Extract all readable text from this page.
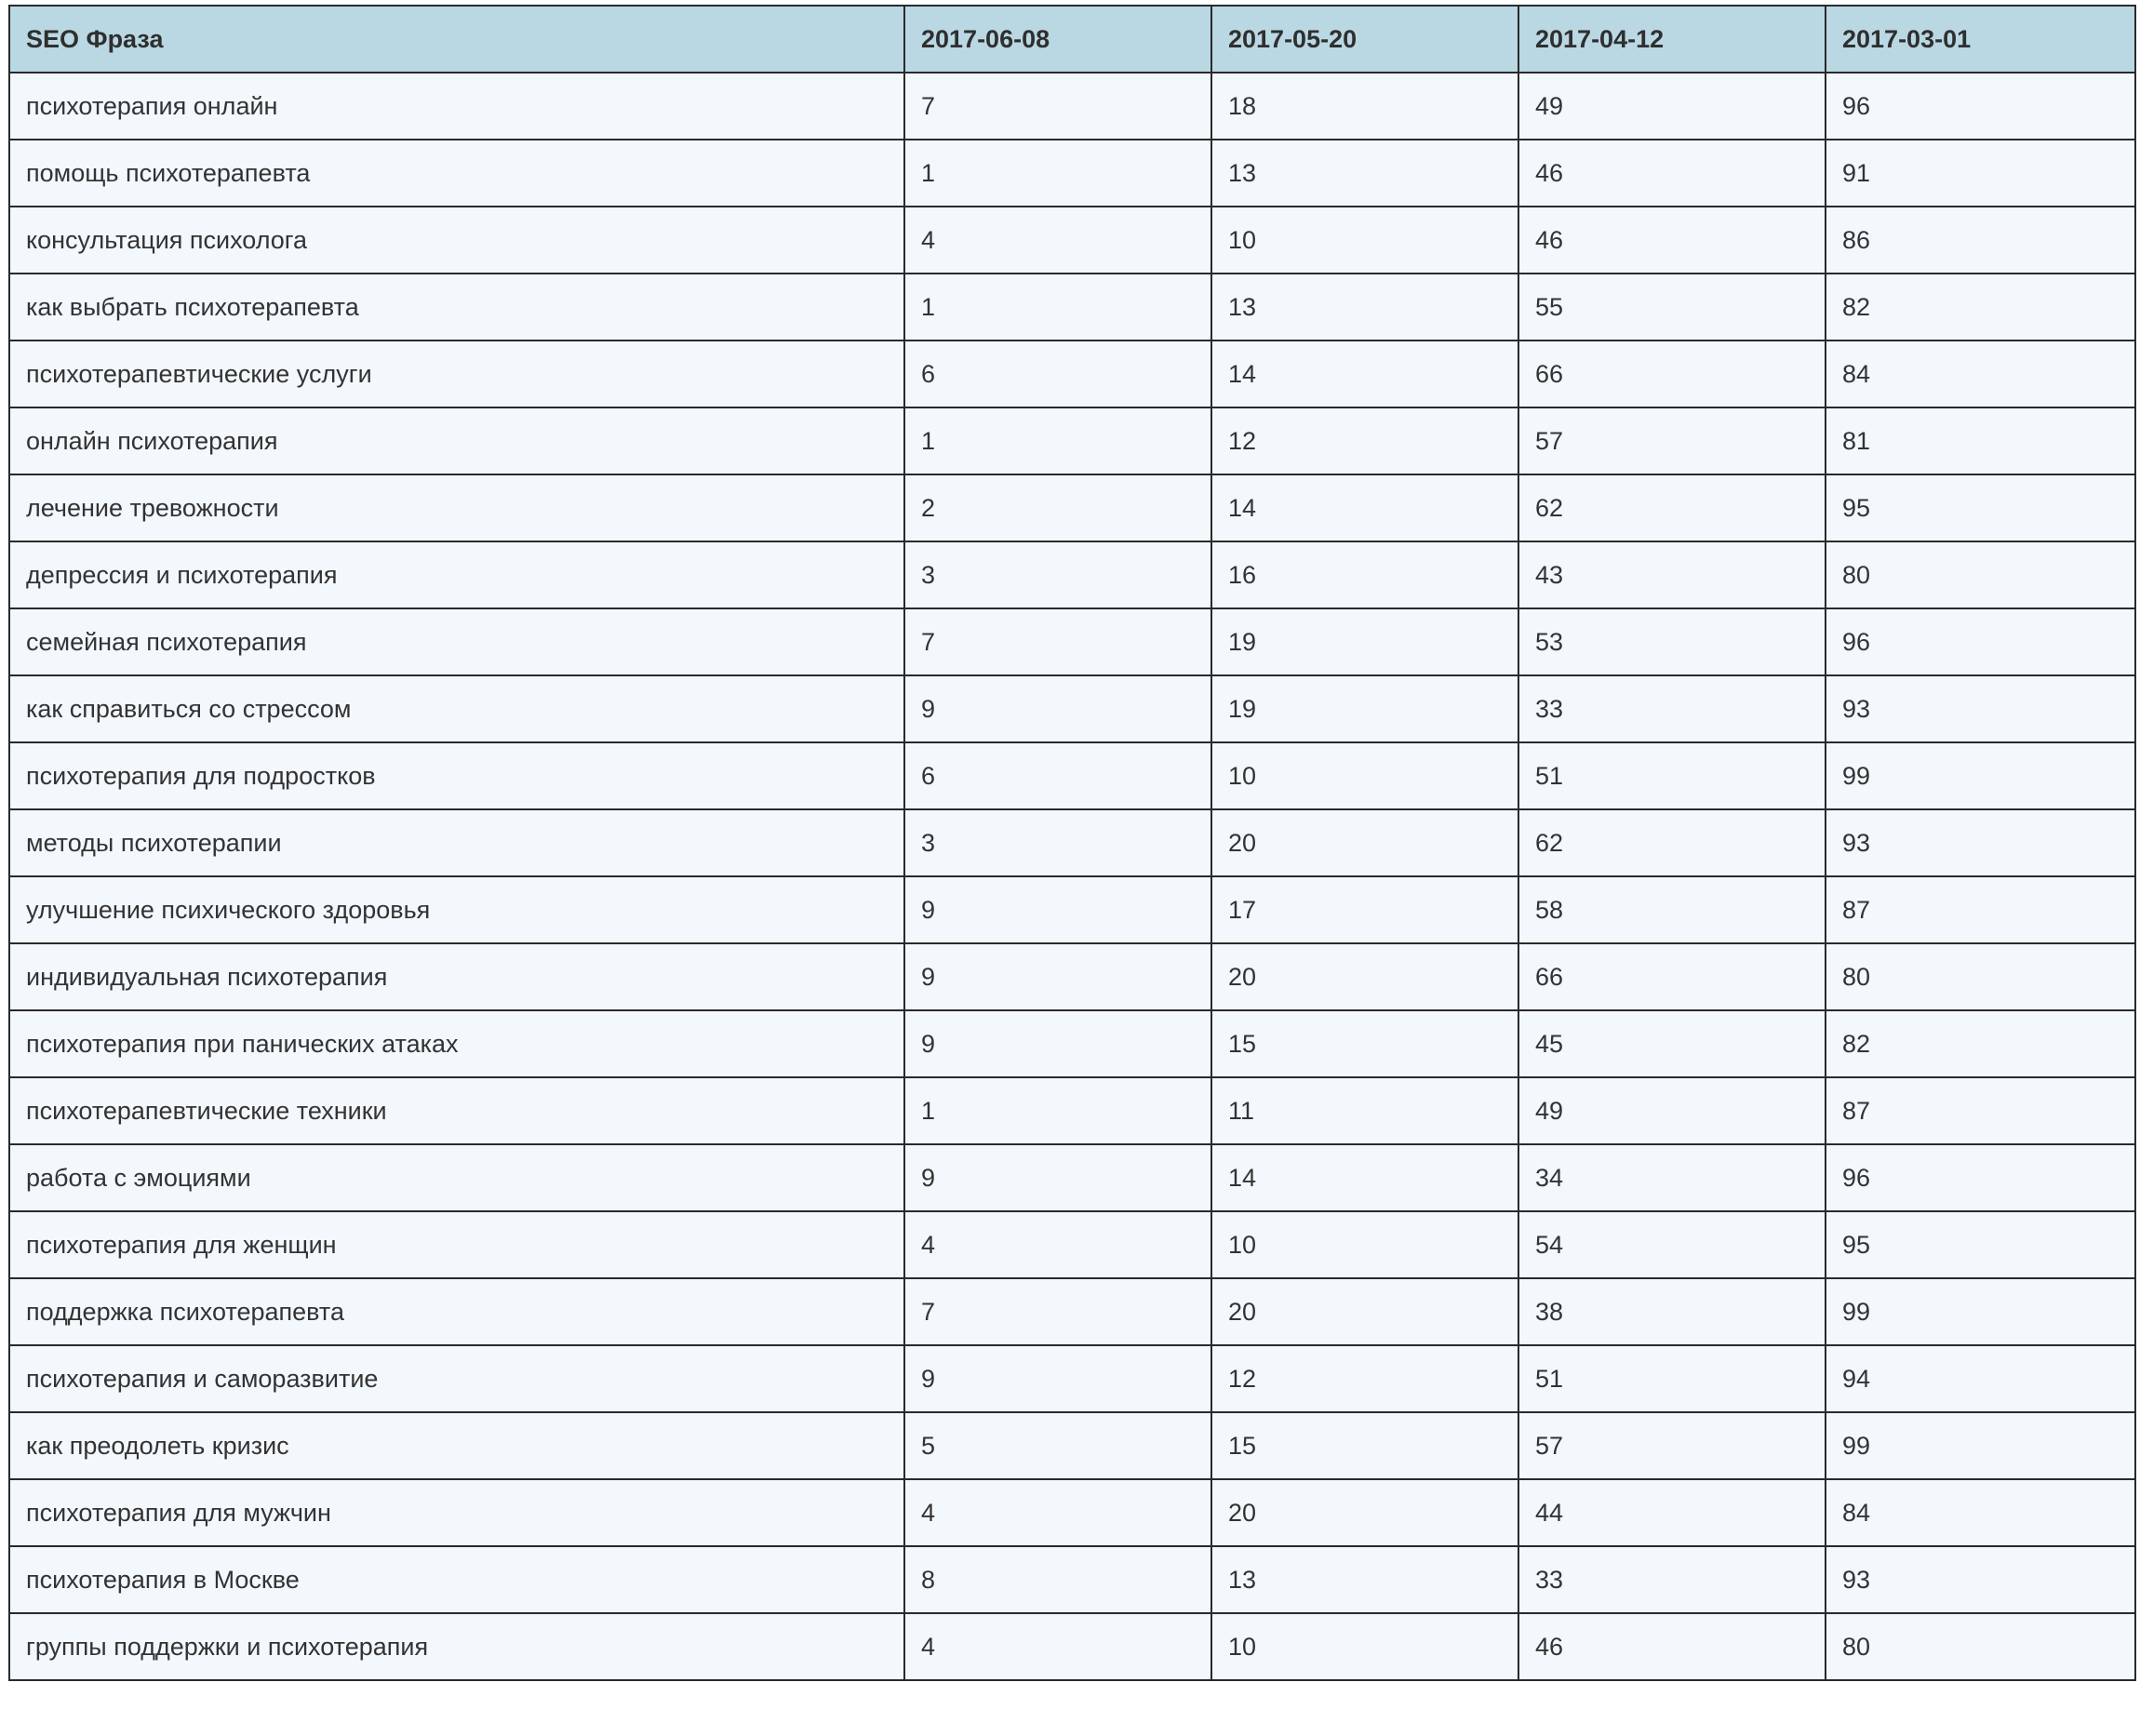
SEO Фраза	2017-06-08	2017-05-20	2017-04-12	2017-03-01
психотерапия онлайн	7	18	49	96
помощь психотерапевта	1	13	46	91
консультация психолога	4	10	46	86
как выбрать психотерапевта	1	13	55	82
психотерапевтические услуги	6	14	66	84
онлайн психотерапия	1	12	57	81
лечение тревожности	2	14	62	95
депрессия и психотерапия	3	16	43	80
семейная психотерапия	7	19	53	96
как справиться со стрессом	9	19	33	93
психотерапия для подростков	6	10	51	99
методы психотерапии	3	20	62	93
улучшение психического здоровья	9	17	58	87
индивидуальная психотерапия	9	20	66	80
психотерапия при панических атаках	9	15	45	82
психотерапевтические техники	1	11	49	87
работа с эмоциями	9	14	34	96
психотерапия для женщин	4	10	54	95
поддержка психотерапевта	7	20	38	99
психотерапия и саморазвитие	9	12	51	94
как преодолеть кризис	5	15	57	99
психотерапия для мужчин	4	20	44	84
психотерапия в Москве	8	13	33	93
группы поддержки и психотерапия	4	10	46	80
